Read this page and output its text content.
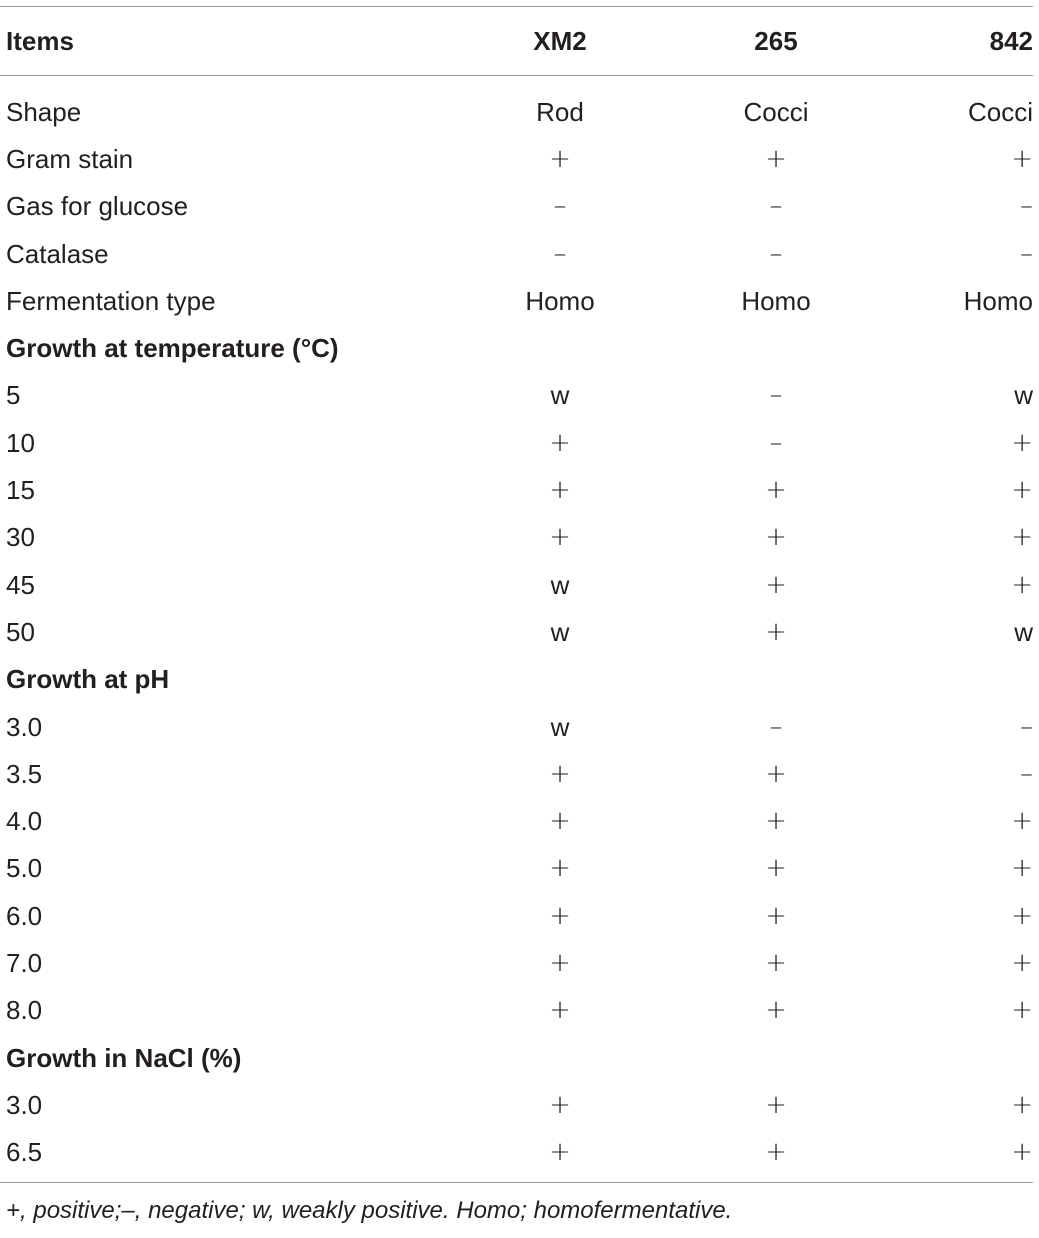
Items	XM2	265	842
Shape	Rod	Cocci	Cocci
Gram stain	+	+	+
Gas for glucose	–	–	–
Catalase	–	–	–
Fermentation type	Homo	Homo	Homo
Growth at temperature (°C)
5	w	–	w
10	+	–	+
15	+	+	+
30	+	+	+
45	w	+	+
50	w	+	w
Growth at pH
3.0	w	–	–
3.5	+	+	–
4.0	+	+	+
5.0	+	+	+
6.0	+	+	+
7.0	+	+	+
8.0	+	+	+
Growth in NaCl (%)
3.0	+	+	+
6.5	+	+	+
+, positive;–, negative; w, weakly positive. Homo; homofermentative.
